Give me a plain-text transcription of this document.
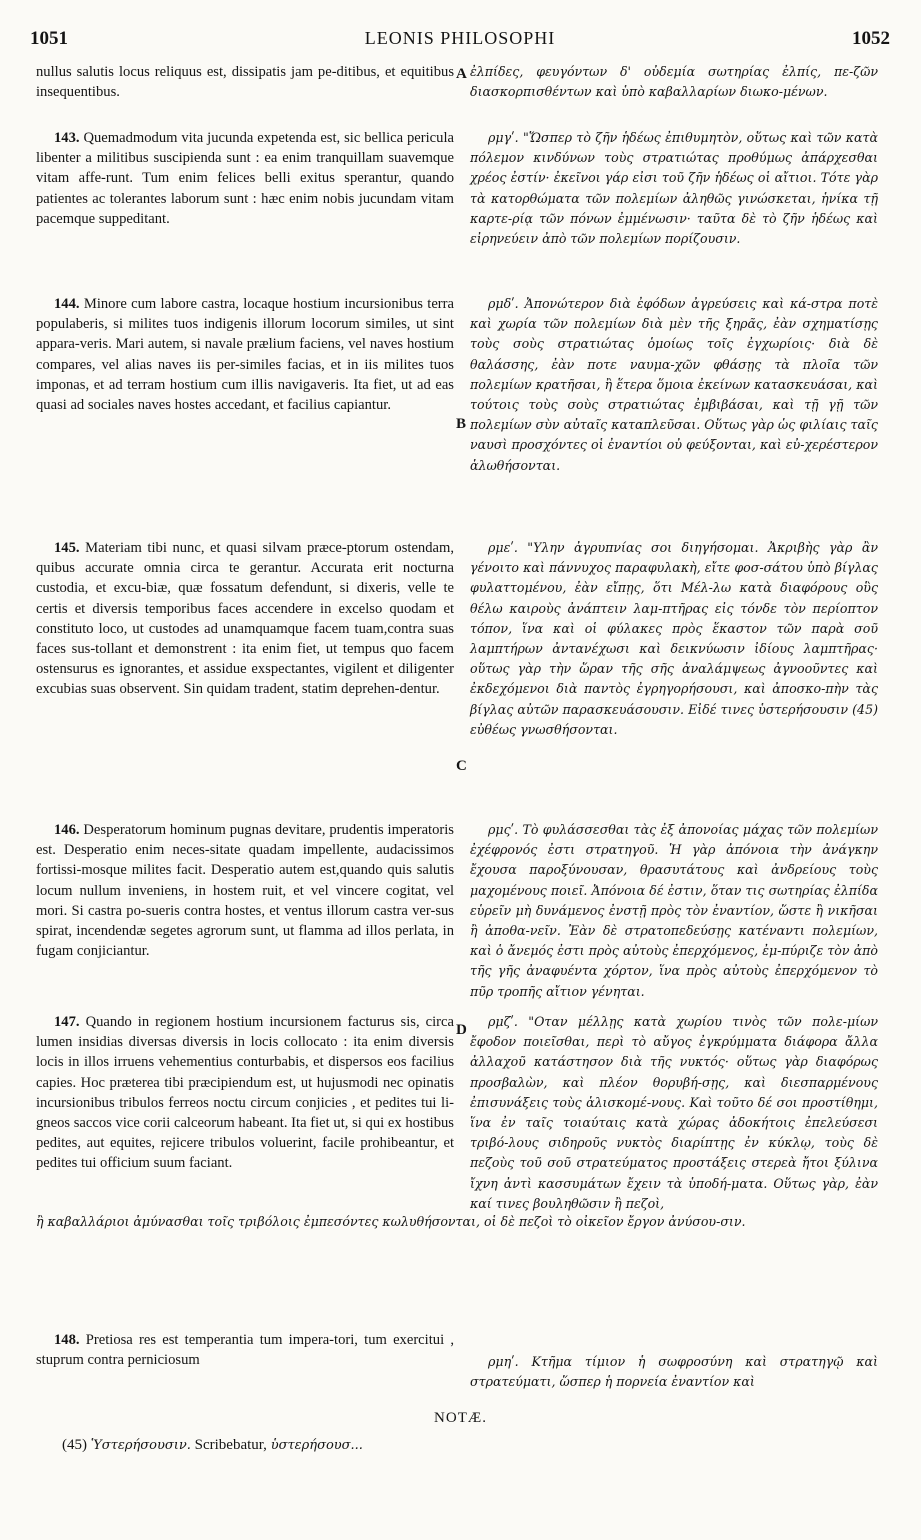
1051	LEONIS PHILOSOPHI	1052

nullus salutis locus reliquus est, dissipatis jam pe-ditibus, et equitibus insequentibus.

143. Quemadmodum vita jucunda expetenda est, sic bellica pericula libenter a militibus suscipienda sunt : ea enim tranquillam suavemque vitam affe-runt. Tum enim felices belli exitus sperantur, quando patientes ac tolerantes laborum sunt : hæc enim nobis jucundam vitam pacemque suppeditant.

144. Minore cum labore castra, locaque hostium incursionibus terra populaberis, si milites tuos indigenis illorum locorum similes, ut sint appara-veris. Mari autem, si navale prælium faciens, vel naves hostium compares, vel alias naves iis per-similes facias, et in iis milites tuos imponas, et ad terram hostium cum illis navigaveris. Ita fiet, ut ad eas quasi ad sociales naves hostes accedant, et facilius capiantur.

145. Materiam tibi nunc, et quasi silvam præce-ptorum ostendam, quibus accurate omnia circa te gerantur. Accurata erit nocturna custodia, et excu-biæ, quæ fossatum defendunt, si dixeris, velle te certis et diversis temporibus faces accendere in excelso quodam et constituto loco, ut custodes ad unamquamque facem tuam,contra suas faces sus-tollant et demonstrent : ita enim fiet, ut tempus quo facem ostensurus es ignorantes, et assidue exspectantes, vigilent et diligenter excubias suas observent. Sin quidam tradent, statim deprehen-dentur.

146. Desperatorum hominum pugnas devitare, prudentis imperatoris est. Desperatio enim neces-sitate quadam impellente, audacissimos fortissi-mosque milites facit. Desperatio autem est,quando quis salutis locum nullum inveniens, in hostem ruit, et vel vincere cogitat, vel mori. Si castra po-sueris contra hostes, et ventus illorum castra ver-sus spirat, incendendæ segetes agrorum sunt, ut flamma ad illos perlata, in fugam conjiciantur.

147. Quando in regionem hostium incursionem facturus sis, circa lumen insidias diversas diversis in locis collocato : ita enim diversis locis in illos irruens vehementius conturbabis, et dispersos eos facilius capies. Hoc præterea tibi præcipiendum est, ut hujusmodi nec opinatis incursionibus tribulos ferreos noctu circum conjicies , et pedites tui li-gneos saccos vice corii calceorum habeant. Ita fiet ut, si qui ex hostibus pedites, aut equites, rejicere tribulos voluerint, facile prohibeantur, et pedites tui officium suum faciant.

148. Pretiosa res est temperantia tum impera-tori, tum exercitui , stuprum contra perniciosum

ἐλπίδες, φευγόντων δ' οὐδεμία σωτηρίας ἐλπίς, πε-ζῶν διασκορπισθέντων καὶ ὑπὸ καβαλλαρίων διωκο-μένων.

ρμγʹ. "Ὥσπερ τὸ ζῆν ἡδέως ἐπιθυμητὸν, οὕτως καὶ τῶν κατὰ πόλεμον κινδύνων τοὺς στρατιώτας προθύμως ἀπάρχεσθαι χρέος ἐστίν· ἐκεῖνοι γάρ εἰσι τοῦ ζῆν ἡδέως οἱ αἴτιοι. Τότε γὰρ τὰ κατορθώματα τῶν πολεμίων ἀληθῶς γινώσκεται, ἡνίκα τῇ καρτε-ρίᾳ τῶν πόνων ἐμμένωσιν· ταῦτα δὲ τὸ ζῆν ἡδέως καὶ εἰρηνεύειν ἀπὸ τῶν πολεμίων πορίζουσιν.

ρμδʹ. Ἀπονώτερον διὰ ἐφόδων ἀγρεύσεις καὶ κά-στρα ποτὲ καὶ χωρία τῶν πολεμίων διὰ μὲν τῆς ξηρᾶς, ἐὰν σχηματίσῃς τοὺς σοὺς στρατιώτας ὁμοίως τοῖς ἐγχωρίοις· διὰ δὲ θαλάσσης, ἐὰν ποτε ναυμα-χῶν φθάσῃς τὰ πλοῖα τῶν πολεμίων κρατῆσαι, ἢ ἕτερα ὅμοια ἐκείνων κατασκευάσαι, καὶ τούτοις τοὺς σοὺς στρατιώτας ἐμβιβάσαι, καὶ τῇ γῇ τῶν πολεμίων σὺν αὐταῖς καταπλεῦσαι. Οὕτως γὰρ ὡς φιλίαις ταῖς ναυσὶ προσχόντες οἱ ἐναντίοι οὐ φεύξονται, καὶ εὐ-χερέστερον ἁλωθήσονται.

ρμεʹ. "Υλην ἀγρυπνίας σοι διηγήσομαι. Ἀκριβὴς γὰρ ἂν γένοιτο καὶ πάννυχος παραφυλακὴ, εἴτε φοσ-σάτου ὑπὸ βίγλας φυλαττομένου, ἐὰν εἴπῃς, ὅτι Μέλ-λω κατὰ διαφόρους οὓς θέλω καιροὺς ἀνάπτειν λαμ-πτῆρας εἰς τόνδε τὸν περίοπτον τόπον, ἵνα καὶ οἱ φύλακες πρὸς ἕκαστον τῶν παρὰ σοῦ λαμπτήρων ἀντανέχωσι καὶ δεικνύωσιν ἰδίους λαμπτῆρας· οὕτως γὰρ τὴν ὥραν τῆς σῆς ἀναλάμψεως ἀγνοοῦντες καὶ ἐκδεχόμενοι διὰ παντὸς ἐγρηγορήσουσι, καὶ ἀποσκο-πὴν τὰς βίγλας αὐτῶν παρασκευάσουσιν. Εἰδέ τινες ὑστερήσουσιν (45) εὐθέως γνωσθήσονται.

ρμςʹ. Τὸ φυλάσσεσθαι τὰς ἐξ ἀπονοίας μάχας τῶν πολεμίων ἐχέφρονός ἐστι στρατηγοῦ. Ἡ γὰρ ἀπόνοια τὴν ἀνάγκην ἔχουσα παροξύνουσαν, θρασυτάτους καὶ ἀνδρείους τοὺς μαχομένους ποιεῖ. Ἀπόνοια δέ ἐστιν, ὅταν τις σωτηρίας ἐλπίδα εὑρεῖν μὴ δυνάμενος ἐνστῇ πρὸς τὸν ἐναντίον, ὥστε ἢ νικῆσαι ἢ ἀποθα-νεῖν. Ἐὰν δὲ στρατοπεδεύσῃς κατέναντι πολεμίων, καὶ ὁ ἄνεμός ἐστι πρὸς αὐτοὺς ἐπερχόμενος, ἐμ-πύριζε τὸν ἀπὸ τῆς γῆς ἀναφυέντα χόρτον, ἵνα πρὸς αὐτοὺς ἐπερχόμενον τὸ πῦρ τροπῆς αἴτιον γένηται.

ρμζʹ. "Οταν μέλλῃς κατὰ χωρίου τινὸς τῶν πολε-μίων ἔφοδον ποιεῖσθαι, περὶ τὸ αὔγος ἐγκρύμματα διάφορα ἄλλα ἀλλαχοῦ κατάστησον διὰ τῆς νυκτός· οὕτως γὰρ διαφόρως προσβαλὼν, καὶ πλέον θορυβή-σῃς, καὶ διεσπαρμένους ἐπισυνάξεις τοὺς ἁλισκομέ-νους. Καὶ τοῦτο δέ σοι προστίθημι, ἵνα ἐν ταῖς τοιαύταις κατὰ χώρας ἀδοκήτοις ἐπελεύσεσι τριβό-λους σιδηροῦς νυκτὸς διαρίπτῃς ἐν κύκλῳ, τοὺς δὲ πεζοὺς τοῦ σοῦ στρατεύματος προστάξεις στερεὰ ἤτοι ξύλινα ἴχνη ἀντὶ κασσυμάτων ἔχειν τὰ ὑποδή-ματα. Οὕτως γὰρ, ἐὰν καί τινες βουληθῶσιν ἢ πεζοὶ,

ρμηʹ. Κτῆμα τίμιον ἡ σωφροσύνη καὶ στρατηγῷ καὶ στρατεύματι, ὥσπερ ἡ πορνεία ἐναντίον καὶ

ἢ καβαλλάριοι ἀμύνασθαι τοῖς τριβόλοις ἐμπεσόντες κωλυθήσονται, οἱ δὲ πεζοὶ τὸ οἰκεῖον ἔργον ἀνύσου-σιν.
A
B
C
D
NOTÆ.
(45) Ὑστερήσουσιν. Scribebatur, ὑστερήσουσ...
